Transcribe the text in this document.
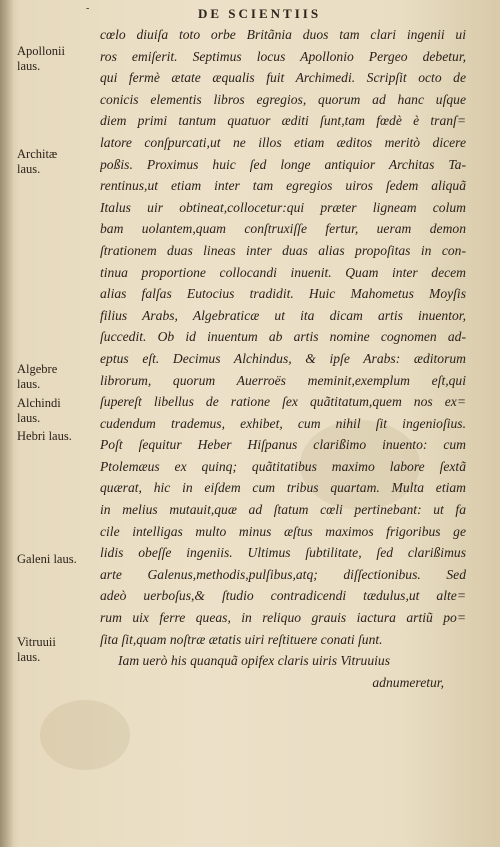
-	DE SCIENTIIS
Apollonii
laus.
Architæ
laus.
Algebre
laus.
Alchindi
laus.
Hebri laus.
Galeni laus.
Vitruuii
laus.
cœlo diuiſa toto orbe Britãnia duos tam clari ingenii ui
ros emiſerit. Septimus locus Apollonio Pergeo debetur,
qui fermè ætate æqualis fuit Archimedi. Scripſit octo de
conicis elementis libros egregios, quorum ad hanc uſque
diem primi tantum quatuor æditi ſunt,tam fœdè è tranſ=
latore conſpurcati,ut ne illos etiam æditos meritò dicere
poßis. Proximus huic ſed longe antiquior Architas Ta-
rentinus,ut etiam inter tam egregios uiros ſedem aliquã
Italus uir obtineat,collocetur:qui præter ligneam colum
bam uolantem,quam conſtruxiſſe fertur, ueram demon
ſtrationem duas lineas inter duas alias propoſitas in con-
tinua proportione collocandi inuenit. Quam inter decem
alias falſas Eutocius tradidit. Huic Mahometus Moyſis
filius Arabs, Algebraticæ ut ita dicam artis inuentor,
ſuccedit. Ob id inuentum ab artis nomine cognomen ad-
eptus eſt. Decimus Alchindus, & ipſe Arabs: æditorum
librorum, quorum Auerroës meminit,exemplum eſt,qui
ſupereſt libellus de ratione ſex quãtitatum,quem nos ex=
cudendum trademus, exhibet, cum nihil ſit ingenioſius.
Poſt ſequitur Heber Hiſpanus clarißimo inuento: cum
Ptolemæus ex quinq; quãtitatibus maximo labore ſextã
quærat, hic in eiſdem cum tribus quartam. Multa etiam
in melius mutauit,quæ ad ſtatum cœli pertinebant: ut fa
cile intelligas multo minus æſtus maximos frigoribus ge
lidis obeſſe ingeniis. Ultimus ſubtilitate, ſed clarißimus
arte Galenus,methodis,pulſibus,atq; diſſectionibus. Sed
adeò uerboſus,& ſtudio contradicendi tædulus,ut alte=
rum uix ferre queas, in reliquo grauis iactura artiũ po=
ſita ſit,quam noſtræ ætatis uiri reſtituere conati ſunt.
Iam uerò his quanquã opifex claris uiris Vitruuius
adnumeretur,
